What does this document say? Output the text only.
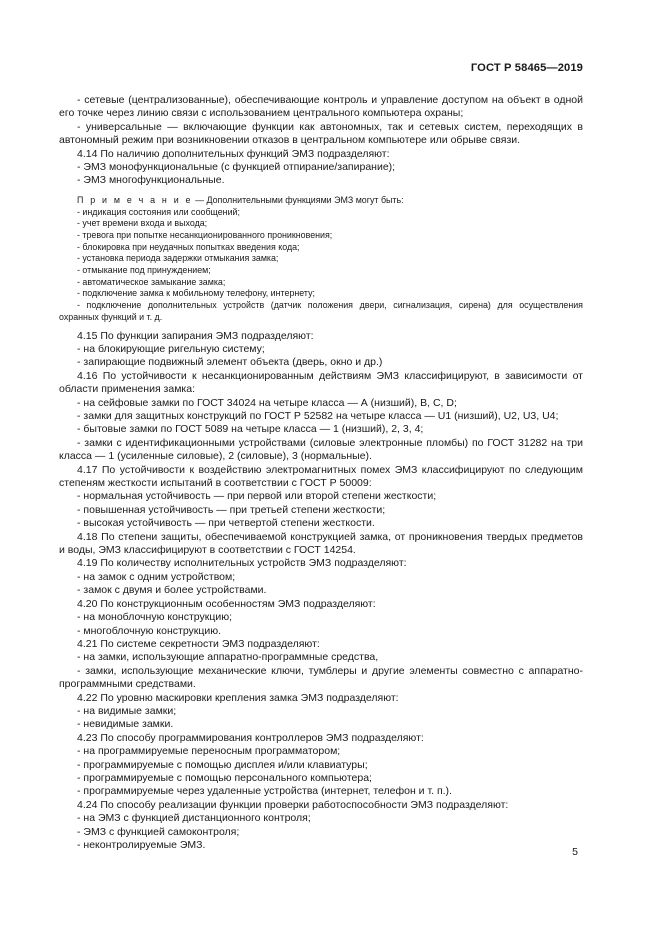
ГОСТ Р 58465—2019

- сетевые (централизованные), обеспечивающие контроль и управление доступом на объект в одной его точке через линию связи с использованием центрального компьютера охраны;

- универсальные — включающие функции как автономных, так и сетевых систем, переходящих в автономный режим при возникновении отказов в центральном компьютере или обрыве связи.

4.14 По наличию дополнительных функций ЭМЗ подразделяют:

- ЭМЗ монофункциональные (с функцией отпирание/запирание);

- ЭМЗ многофункциональные.

П р и м е ч а н и е — Дополнительными функциями ЭМЗ могут быть:

- индикация состояния или сообщений;

- учет времени входа и выхода;

- тревога при попытке несанкционированного проникновения;

- блокировка при неудачных попытках введения кода;

- установка периода задержки отмыкания замка;

- отмыкание под принуждением;

- автоматическое замыкание замка;

- подключение замка к мобильному телефону, интернету;

- подключение дополнительных устройств (датчик положения двери, сигнализация, сирена) для осуществления охранных функций и т. д.

4.15 По функции запирания ЭМЗ подразделяют:

- на блокирующие ригельную систему;

- запирающие подвижный элемент объекта (дверь, окно и др.)

4.16 По устойчивости к несанкционированным действиям ЭМЗ классифицируют, в зависимости от области применения замка:

- на сейфовые замки по ГОСТ 34024 на четыре класса — А (низший), В, С, D;

- замки для защитных конструкций по ГОСТ Р 52582 на четыре класса — U1 (низший), U2, U3, U4;

- бытовые замки по ГОСТ 5089 на четыре класса — 1 (низший), 2, 3, 4;

- замки с идентификационными устройствами (силовые электронные пломбы) по ГОСТ 31282 на три класса — 1 (усиленные силовые), 2 (силовые), 3 (нормальные).

4.17 По устойчивости к воздействию электромагнитных помех ЭМЗ классифицируют по следующим степеням жесткости испытаний в соответствии с ГОСТ Р 50009:

- нормальная устойчивость — при первой или второй степени жесткости;

- повышенная устойчивость — при третьей степени жесткости;

- высокая устойчивость — при четвертой степени жесткости.

4.18 По степени защиты, обеспечиваемой конструкцией замка, от проникновения твердых предметов и воды, ЭМЗ классифицируют в соответствии с ГОСТ 14254.

4.19 По количеству исполнительных устройств ЭМЗ подразделяют:

- на замок с одним устройством;

- замок с двумя и более устройствами.

4.20 По конструкционным особенностям ЭМЗ подразделяют:

- на моноблочную конструкцию;

- многоблочную конструкцию.

4.21 По системе секретности ЭМЗ подразделяют:

- на замки, использующие аппаратно-программные средства,

- замки, использующие механические ключи, тумблеры и другие элементы совместно с аппаратно-программными средствами.

4.22 По уровню маскировки крепления замка ЭМЗ подразделяют:

- на видимые замки;

- невидимые замки.

4.23 По способу программирования контроллеров ЭМЗ подразделяют:

- на программируемые переносным программатором;

- программируемые с помощью дисплея и/или клавиатуры;

- программируемые с помощью персонального компьютера;

- программируемые через удаленные устройства (интернет, телефон и т. п.).

4.24 По способу реализации функции проверки работоспособности ЭМЗ подразделяют:

- на ЭМЗ с функцией дистанционного контроля;

- ЭМЗ с функцией самоконтроля;

- неконтролируемые ЭМЗ.

5
